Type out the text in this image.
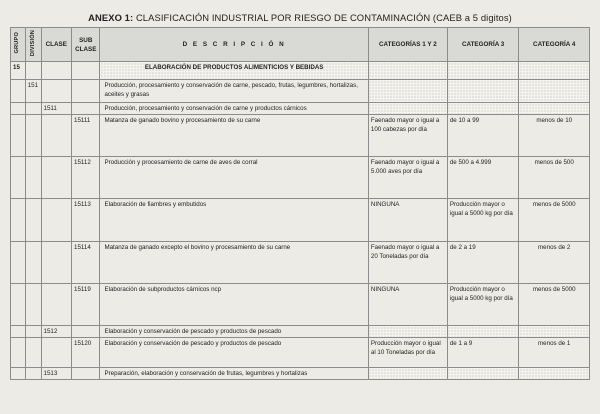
ANEXO 1: CLASIFICACIÓN INDUSTRIAL POR RIESGO DE CONTAMINACIÓN (CAEB a 5 digitos)
GRUPO	DIVISIÓN	CLASE	SUB CLASE	D E S C R I P C I Ó N	CATEGORÍAS 1 Y 2	CATEGORÍA 3	CATEGORÍA 4
15				ELABORACIÓN DE PRODUCTOS ALIMENTICIOS Y BEBIDAS			
	151			Producción, procesamiento y conservación de carne, pescado, frutas, legumbres, hortalizas, aceites y grasas			
		1511		Producción, procesamiento y conservación de carne y productos cárnicos			
			15111	Matanza de ganado bovino y procesamiento de su carne	Faenado mayor o igual a 100 cabezas por día	de 10 a 99	menos de 10
			15112	Producción y procesamiento de carne de aves de corral	Faenado mayor o igual a 5.000 aves por día	de 500 a 4.999	menos de 500
			15113	Elaboración de fiambres y embutidos	NINGUNA	Producción mayor o igual a 5000 kg por día	menos de 5000
			15114	Matanza de ganado excepto el bovino y procesamiento de su carne	Faenado mayor o igual a 20 Toneladas por día	de 2 a 19	menos de 2
			15119	Elaboración de subproductos cárnicos ncp	NINGUNA	Producción mayor o igual a 5000 kg por día	menos de 5000
		1512		Elaboración y conservación de pescado y productos de pescado			
			15120	Elaboración y conservación de pescado y productos de pescado	Producción mayor o igual al 10 Toneladas por día	de 1 a 9	menos de 1
		1513		Preparación, elaboración y conservación de frutas, legumbres y hortalizas			
